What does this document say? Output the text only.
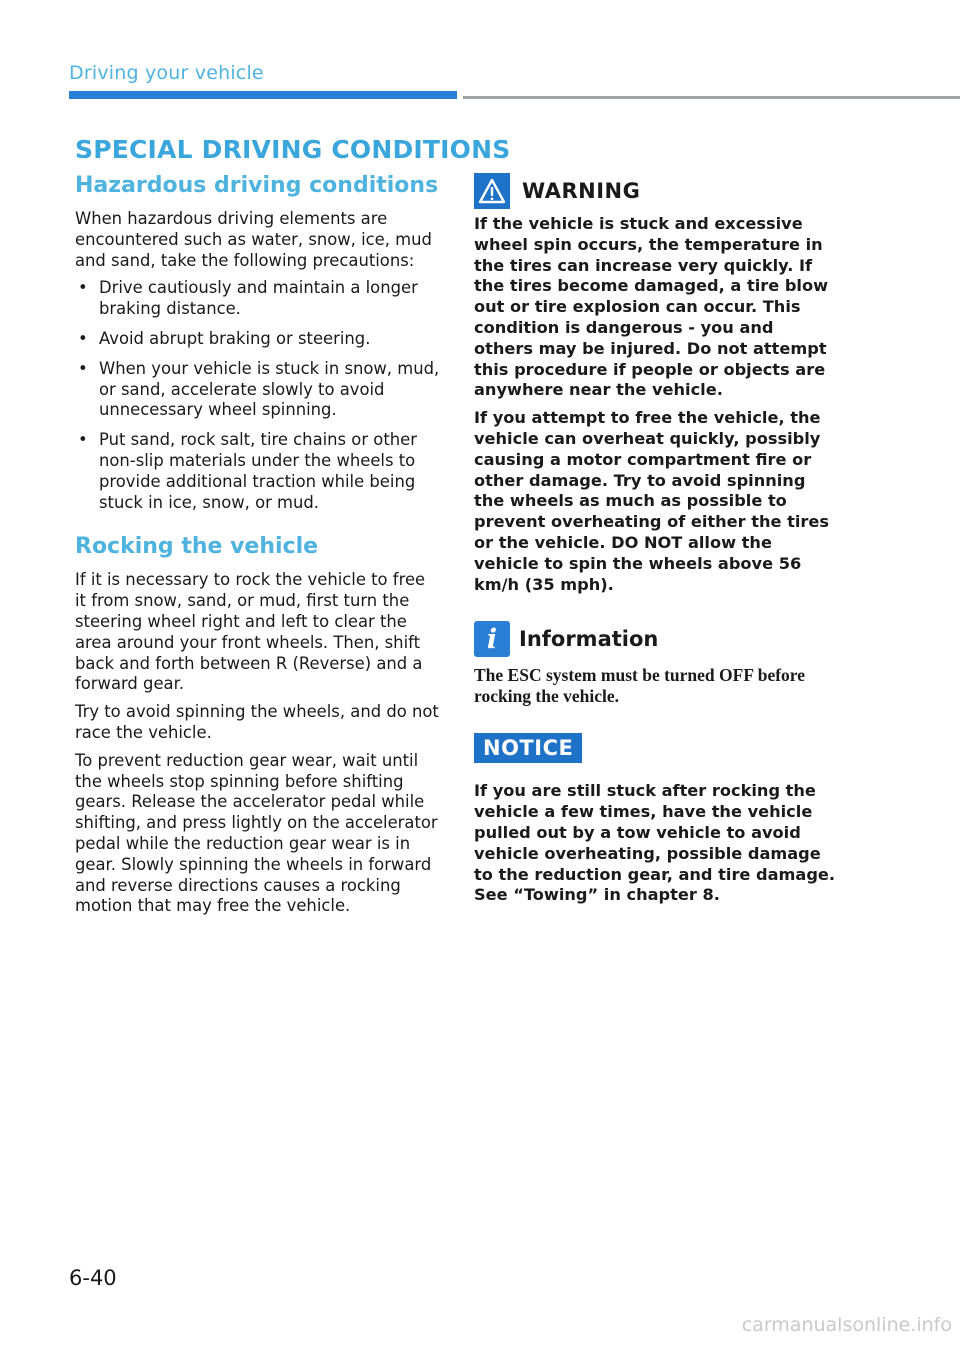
Driving your vehicle
SPECIAL DRIVING CONDITIONS
Hazardous driving conditions

When hazardous driving elements are encountered such as water, snow, ice, mud and sand, take the following precautions:

• Drive cautiously and maintain a longer braking distance.
• Avoid abrupt braking or steering.
• When your vehicle is stuck in snow, mud, or sand, accelerate slowly to avoid unnecessary wheel spinning.
• Put sand, rock salt, tire chains or other non-slip materials under the wheels to provide additional traction while being stuck in ice, snow, or mud.
Rocking the vehicle

If it is necessary to rock the vehicle to free it from snow, sand, or mud, first turn the steering wheel right and left to clear the area around your front wheels. Then, shift back and forth between R (Reverse) and a forward gear.

Try to avoid spinning the wheels, and do not race the vehicle.

To prevent reduction gear wear, wait until the wheels stop spinning before shifting gears. Release the accelerator pedal while shifting, and press lightly on the accelerator pedal while the reduction gear wear is in gear. Slowly spinning the wheels in forward and reverse directions causes a rocking motion that may free the vehicle.

WARNING

If the vehicle is stuck and excessive wheel spin occurs, the temperature in the tires can increase very quickly. If the tires become damaged, a tire blow out or tire explosion can occur. This condition is dangerous - you and others may be injured. Do not attempt this procedure if people or objects are anywhere near the vehicle.

If you attempt to free the vehicle, the vehicle can overheat quickly, possibly causing a motor compartment fire or other damage. Try to avoid spinning the wheels as much as possible to prevent overheating of either the tires or the vehicle. DO NOT allow the vehicle to spin the wheels above 56 km/h (35 mph).

i	Information

The ESC system must be turned OFF before rocking the vehicle.

NOTICE

If you are still stuck after rocking the vehicle a few times, have the vehicle pulled out by a tow vehicle to avoid vehicle overheating, possible damage to the reduction gear, and tire damage. See “Towing” in chapter 8.

6-40
carmanualsonline.info
